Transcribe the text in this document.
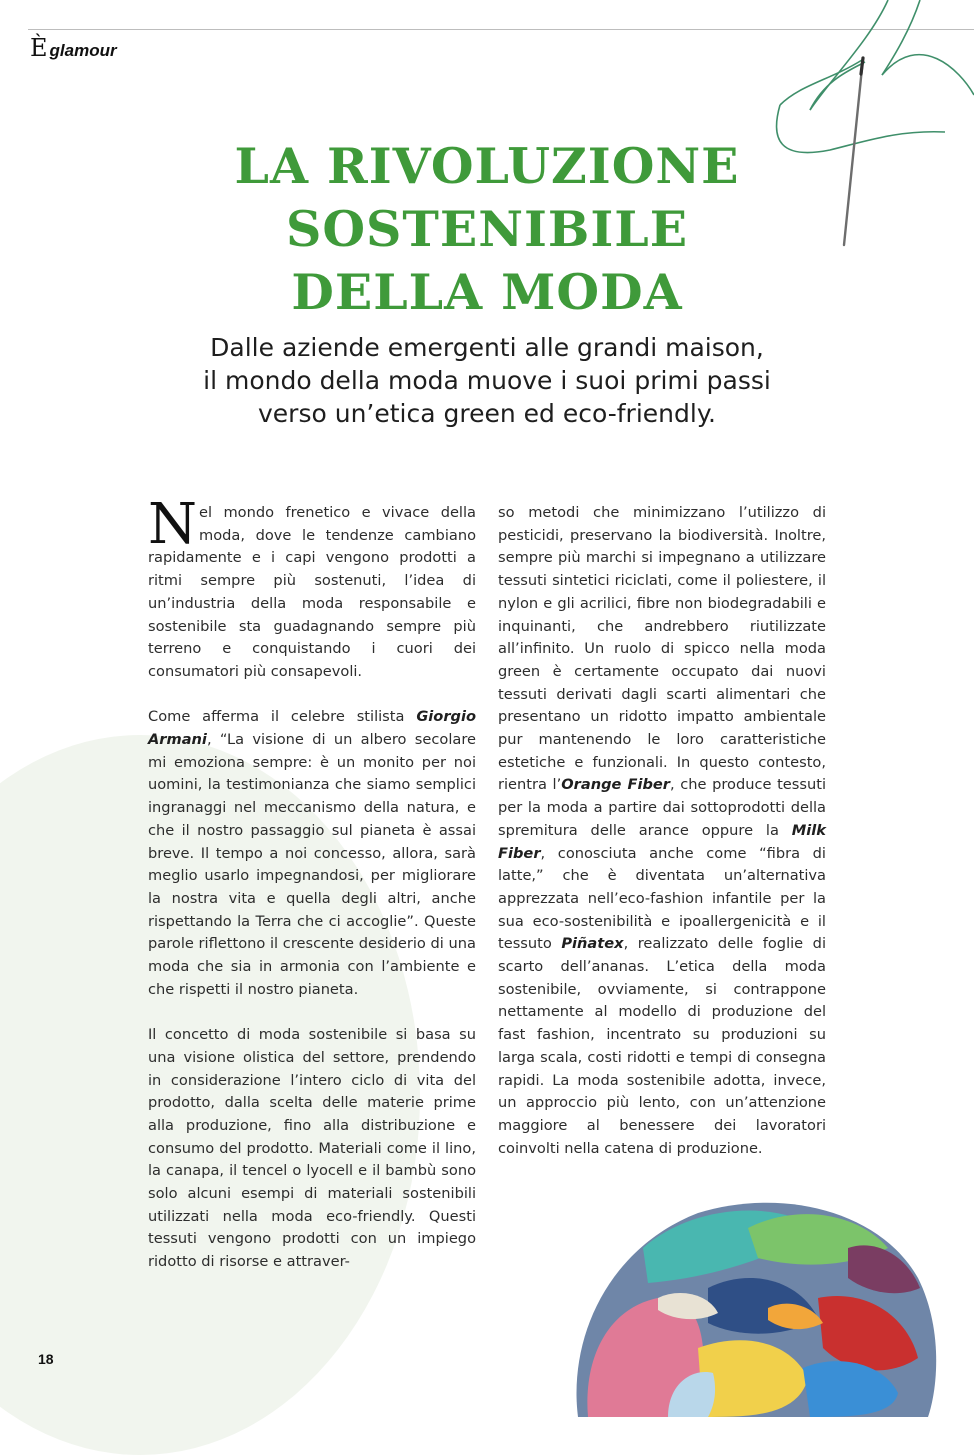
È glamour
LA RIVOLUZIONE
SOSTENIBILE
DELLA MODA
Dalle aziende emergenti alle grandi maison,
il mondo della moda muove i suoi primi passi
verso un’etica green ed eco-friendly.

Nel mondo frenetico e vivace della moda, dove le tendenze cambiano rapidamente e i capi vengono prodotti a ritmi sempre più sostenuti, l’idea di un’industria della moda responsabile e sostenibile sta guadagnando sempre più terreno e conquistando i cuori dei consumatori più consapevoli.

Come afferma il celebre stilista Giorgio Armani, “La visione di un albero secolare mi emoziona sempre: è un monito per noi uomini, la testimonianza che siamo semplici ingranaggi nel meccanismo della natura, e che il nostro passaggio sul pianeta è assai breve. Il tempo a noi concesso, allora, sarà meglio usarlo impegnandosi, per migliorare la nostra vita e quella degli altri, anche rispettando la Terra che ci accoglie”. Queste parole riflettono il crescente desiderio di una moda che sia in armonia con l’ambiente e che rispetti il nostro pianeta.

Il concetto di moda sostenibile si basa su una visione olistica del settore, prendendo in considerazione l’intero ciclo di vita del prodotto, dalla scelta delle materie prime alla produzione, fino alla distribuzione e consumo del prodotto. Materiali come il lino, la canapa, il tencel o lyocell e il bambù sono solo alcuni esempi di materiali sostenibili utilizzati nella moda eco-friendly. Questi tessuti vengono prodotti con un impiego ridotto di risorse e attraver-

so metodi che minimizzano l’utilizzo di pesticidi, preservano la biodiversità. Inoltre, sempre più marchi si impegnano a utilizzare tessuti sintetici riciclati, come il poliestere, il nylon e gli acrilici, fibre non biodegradabili e inquinanti, che andrebbero riutilizzate all’infinito. Un ruolo di spicco nella moda green è certamente occupato dai nuovi tessuti derivati dagli scarti alimentari che presentano un ridotto impatto ambientale pur mantenendo le loro caratteristiche estetiche e funzionali. In questo contesto, rientra l’Orange Fiber, che produce tessuti per la moda a partire dai sottoprodotti della spremitura delle arance oppure la Milk Fiber, conosciuta anche come “fibra di latte,” che è diventata un’alternativa apprezzata nell’eco-fashion infantile per la sua eco-sostenibilità e ipoallergenicità e il tessuto Piñatex, realizzato delle foglie di scarto dell’ananas. L’etica della moda sostenibile, ovviamente, si contrappone nettamente al modello di produzione del fast fashion, incentrato su produzioni su larga scala, costi ridotti e tempi di consegna rapidi. La moda sostenibile adotta, invece, un approccio più lento, con un’attenzione maggiore al benessere dei lavoratori coinvolti nella catena di produzione.

18
